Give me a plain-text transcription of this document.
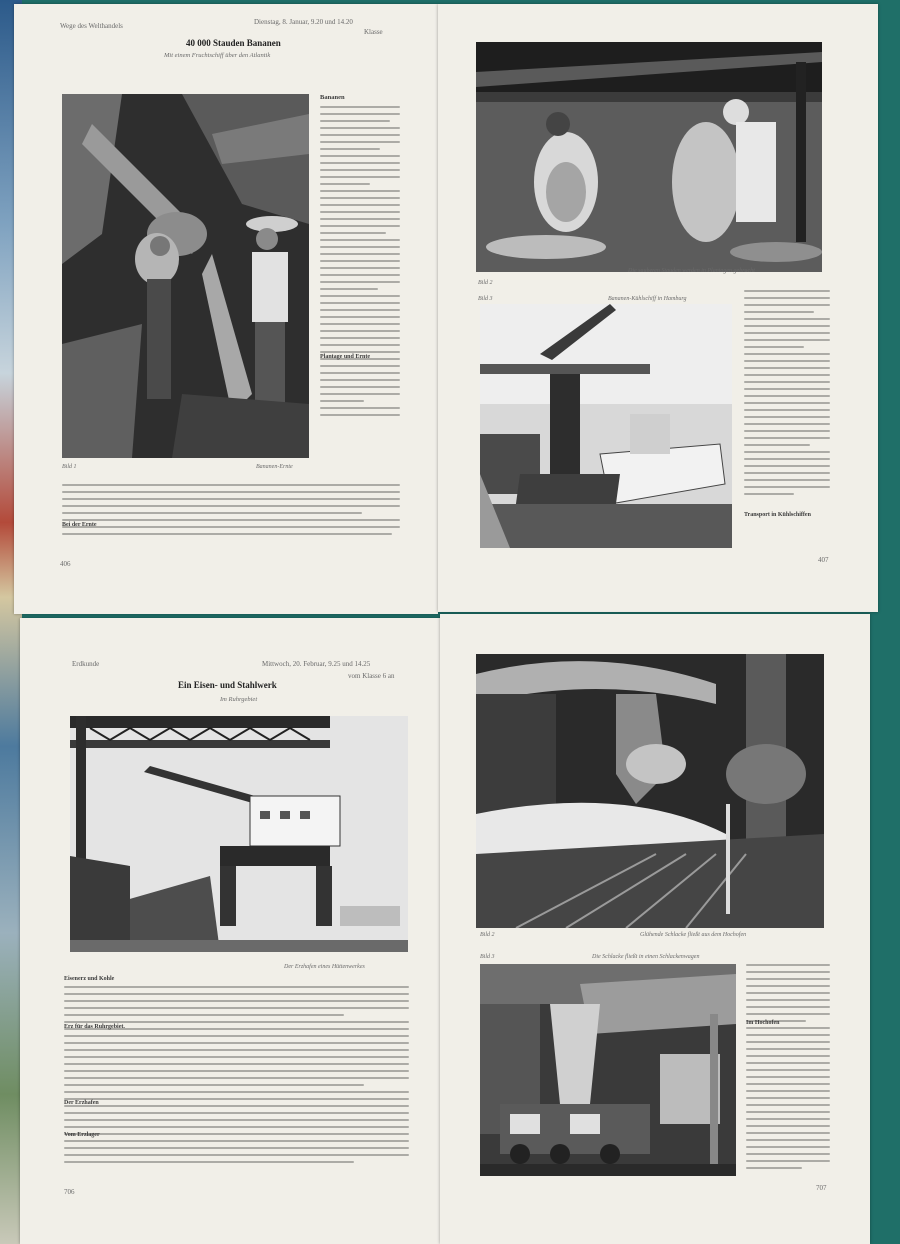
Wege des Welthandels	Dienstag, 8. Januar, 9.20 und 14.20
Klasse
40 000 Stauden Bananen
Mit einem Fruchtschiff über den Atlantik
Bild 1	Bananen-Ernte
Bananen
Plantage und Ernte
Bei der Ernte
406
Die sauberen Stauden werden in Plantagen gebracht
Bild 2
Bild 3	Bananen-Kühlschiff in Hamburg
Transport in Kühlschiffen
407
Erdkunde	Mittwoch, 20. Februar, 9.25 und 14.25
vom Klasse 6 an
Ein Eisen- und Stahlwerk
Im Ruhrgebiet
Der Erzhafen eines Hüttenwerkes
Eisenerz und Kohle
Erz für das Ruhrgebiet.
Der Erzhafen
Vom Erzlager
706
Bild 2	Glühende Schlacke fließt aus dem Hochofen
Bild 3	Die Schlacke fließt in einen Schlackenwagen
Im Hochofen
707
